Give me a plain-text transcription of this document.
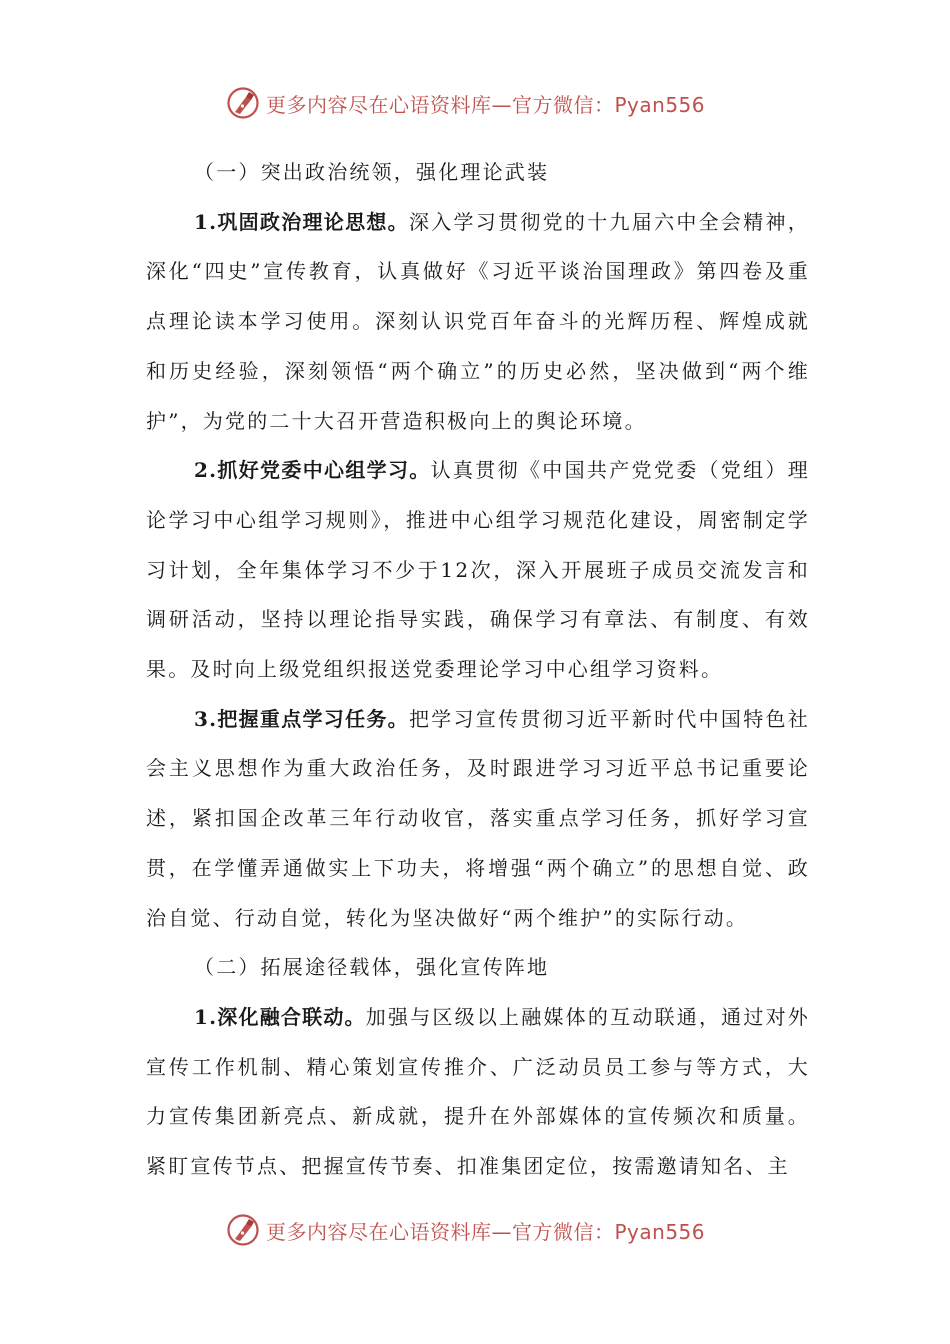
更多内容尽在心语资料库—官方微信：Pyan556

（一）突出政治统领，强化理论武装

1.巩固政治理论思想。深入学习贯彻党的十九届六中全会精神，深化“四史”宣传教育，认真做好《习近平谈治国理政》第四卷及重点理论读本学习使用。深刻认识党百年奋斗的光辉历程、辉煌成就和历史经验，深刻领悟“两个确立”的历史必然，坚决做到“两个维护”，为党的二十大召开营造积极向上的舆论环境。

2.抓好党委中心组学习。认真贯彻《中国共产党党委（党组）理论学习中心组学习规则》，推进中心组学习规范化建设，周密制定学习计划，全年集体学习不少于12次，深入开展班子成员交流发言和调研活动，坚持以理论指导实践，确保学习有章法、有制度、有效果。及时向上级党组织报送党委理论学习中心组学习资料。

3.把握重点学习任务。把学习宣传贯彻习近平新时代中国特色社会主义思想作为重大政治任务，及时跟进学习习近平总书记重要论述，紧扣国企改革三年行动收官，落实重点学习任务，抓好学习宣贯，在学懂弄通做实上下功夫，将增强“两个确立”的思想自觉、政治自觉、行动自觉，转化为坚决做好“两个维护”的实际行动。

（二）拓展途径载体，强化宣传阵地

1.深化融合联动。加强与区级以上融媒体的互动联通，通过对外宣传工作机制、精心策划宣传推介、广泛动员员工参与等方式，大力宣传集团新亮点、新成就，提升在外部媒体的宣传频次和质量。紧盯宣传节点、把握宣传节奏、扣准集团定位，按需邀请知名、主

更多内容尽在心语资料库—官方微信：Pyan556
